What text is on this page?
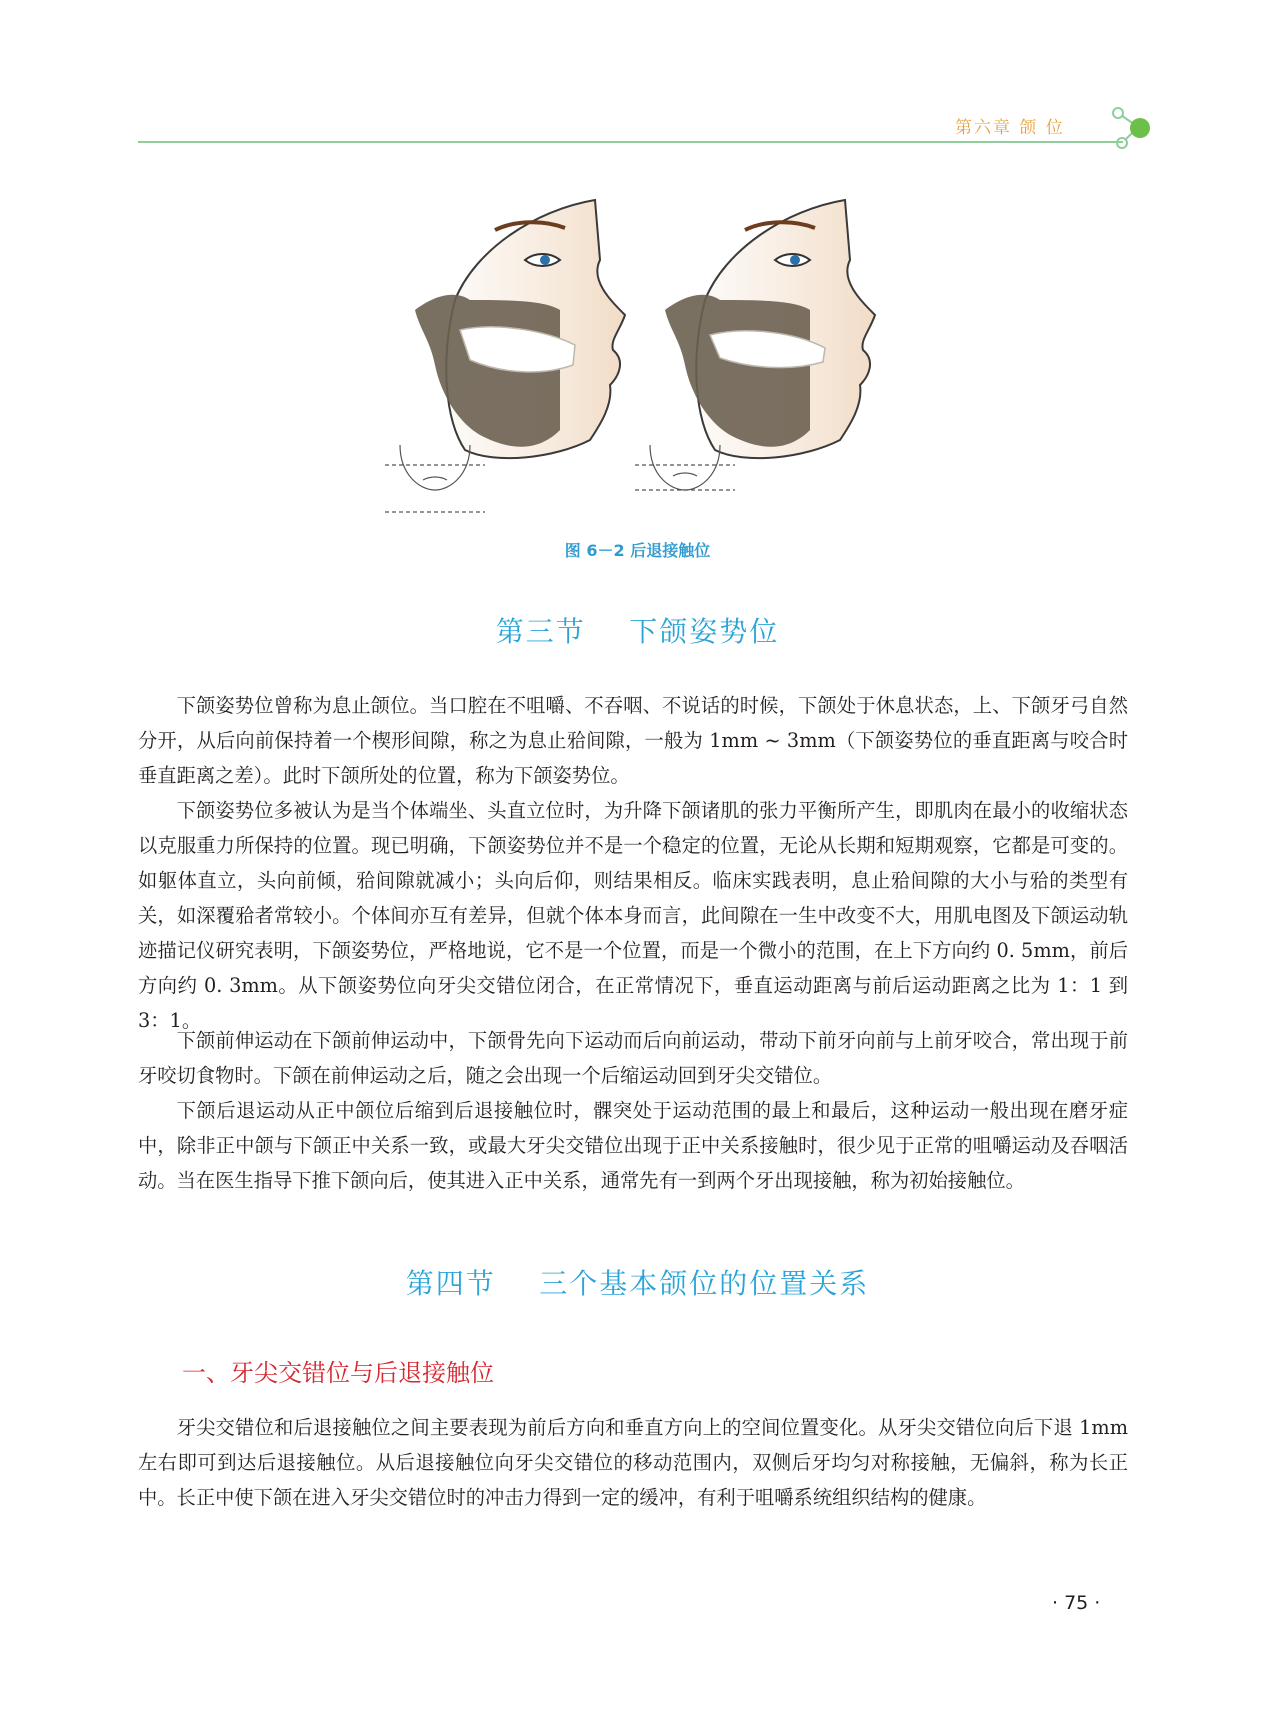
第六章 颌 位
图 6－2 后退接触位
第三节    下颌姿势位

下颌姿势位曾称为息止颌位。当口腔在不咀嚼、不吞咽、不说话的时候，下颌处于休息状态，上、下颌牙弓自然分开，从后向前保持着一个楔形间隙，称之为息止𬌗间隙，一般为 1mm ~ 3mm（下颌姿势位的垂直距离与咬合时垂直距离之差）。此时下颌所处的位置，称为下颌姿势位。

下颌姿势位多被认为是当个体端坐、头直立位时，为升降下颌诸肌的张力平衡所产生，即肌肉在最小的收缩状态以克服重力所保持的位置。现已明确，下颌姿势位并不是一个稳定的位置，无论从长期和短期观察，它都是可变的。如躯体直立，头向前倾，𬌗间隙就减小；头向后仰，则结果相反。临床实践表明，息止𬌗间隙的大小与𬌗的类型有关，如深覆𬌗者常较小。个体间亦互有差异，但就个体本身而言，此间隙在一生中改变不大，用肌电图及下颌运动轨迹描记仪研究表明，下颌姿势位，严格地说，它不是一个位置，而是一个微小的范围，在上下方向约 0. 5mm，前后方向约 0. 3mm。从下颌姿势位向牙尖交错位闭合，在正常情况下，垂直运动距离与前后运动距离之比为 1：1 到 3：1。

下颌前伸运动在下颌前伸运动中，下颌骨先向下运动而后向前运动，带动下前牙向前与上前牙咬合，常出现于前牙咬切食物时。下颌在前伸运动之后，随之会出现一个后缩运动回到牙尖交错位。

下颌后退运动从正中颌位后缩到后退接触位时，髁突处于运动范围的最上和最后，这种运动一般出现在磨牙症中，除非正中颌与下颌正中关系一致，或最大牙尖交错位出现于正中关系接触时，很少见于正常的咀嚼运动及吞咽活动。当在医生指导下推下颌向后，使其进入正中关系，通常先有一到两个牙出现接触，称为初始接触位。

第四节    三个基本颌位的位置关系
一、牙尖交错位与后退接触位

牙尖交错位和后退接触位之间主要表现为前后方向和垂直方向上的空间位置变化。从牙尖交错位向后下退 1mm 左右即可到达后退接触位。从后退接触位向牙尖交错位的移动范围内，双侧后牙均匀对称接触，无偏斜，称为长正中。长正中使下颌在进入牙尖交错位时的冲击力得到一定的缓冲，有利于咀嚼系统组织结构的健康。

· 75 ·
